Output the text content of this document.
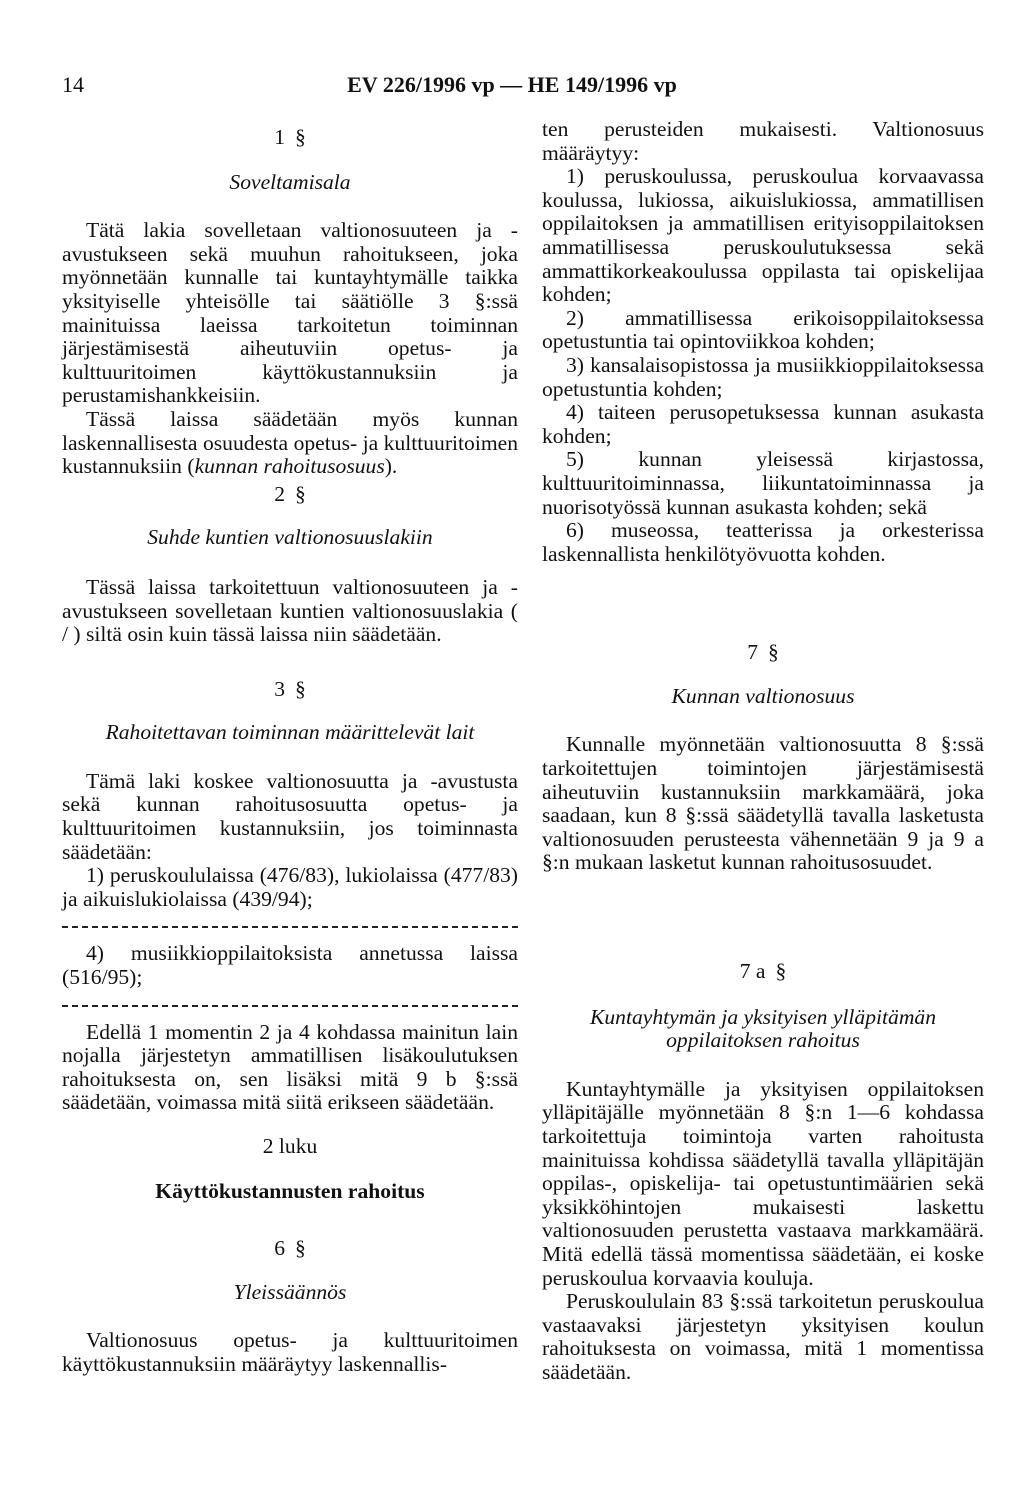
14	EV 226/1996 vp — HE 149/1996 vp
1 §
Soveltamisala

Tätä lakia sovelletaan valtionosuuteen ja -avustukseen sekä muuhun rahoitukseen, joka myönnetään kunnalle tai kuntayhtymälle taikka yksityiselle yhteisölle tai säätiölle 3 §:ssä mainituissa laeissa tarkoitetun toiminnan järjestämisestä aiheutuviin opetus- ja kulttuuritoimen käyttökustannuksiin ja perustamishankkeisiin.

Tässä laissa säädetään myös kunnan laskennallisesta osuudesta opetus- ja kulttuuritoimen kustannuksiin (kunnan rahoitusosuus).

2 §
Suhde kuntien valtionosuuslakiin

Tässä laissa tarkoitettuun valtionosuuteen ja -avustukseen sovelletaan kuntien valtionosuuslakia ( / ) siltä osin kuin tässä laissa niin säädetään.

3 §
Rahoitettavan toiminnan määrittelevät lait

Tämä laki koskee valtionosuutta ja -avustusta sekä kunnan rahoitusosuutta opetus- ja kulttuuritoimen kustannuksiin, jos toiminnasta säädetään:

1) peruskoululaissa (476/83), lukiolaissa (477/83) ja aikuislukiolaissa (439/94);

4) musiikkioppilaitoksista annetussa laissa (516/95);

Edellä 1 momentin 2 ja 4 kohdassa mainitun lain nojalla järjestetyn ammatillisen lisäkoulutuksen rahoituksesta on, sen lisäksi mitä 9 b §:ssä säädetään, voimassa mitä siitä erikseen säädetään.

2 luku
Käyttökustannusten rahoitus
6 §
Yleissäännös

Valtionosuus opetus- ja kulttuuritoimen käyttökustannuksiin määräytyy laskennallis-

ten perusteiden mukaisesti. Valtionosuus määräytyy:

1) peruskoulussa, peruskoulua korvaavassa koulussa, lukiossa, aikuislukiossa, ammatillisen oppilaitoksen ja ammatillisen erityisoppilaitoksen ammatillisessa peruskoulutuksessa sekä ammattikorkeakoulussa oppilasta tai opiskelijaa kohden;

2) ammatillisessa erikoisoppilaitoksessa opetustuntia tai opintoviikkoa kohden;

3) kansalaisopistossa ja musiikkioppilaitoksessa opetustuntia kohden;

4) taiteen perusopetuksessa kunnan asukasta kohden;

5) kunnan yleisessä kirjastossa, kulttuuritoiminnassa, liikuntatoiminnassa ja nuorisotyössä kunnan asukasta kohden; sekä

6) museossa, teatterissa ja orkesterissa laskennallista henkilötyövuotta kohden.

7 §
Kunnan valtionosuus

Kunnalle myönnetään valtionosuutta 8 §:ssä tarkoitettujen toimintojen järjestämisestä aiheutuviin kustannuksiin markkamäärä, joka saadaan, kun 8 §:ssä säädetyllä tavalla lasketusta valtionosuuden perusteesta vähennetään 9 ja 9 a §:n mukaan lasketut kunnan rahoitusosuudet.

7 a §
Kuntayhtymän ja yksityisen ylläpitämän oppilaitoksen rahoitus

Kuntayhtymälle ja yksityisen oppilaitoksen ylläpitäjälle myönnetään 8 §:n 1—6 kohdassa tarkoitettuja toimintoja varten rahoitusta mainituissa kohdissa säädetyllä tavalla ylläpitäjän oppilas-, opiskelija- tai opetustuntimäärien sekä yksikköhintojen mukaisesti laskettu valtionosuuden perustetta vastaava markkamäärä. Mitä edellä tässä momentissa säädetään, ei koske peruskoulua korvaavia kouluja.

Peruskoululain 83 §:ssä tarkoitetun peruskoulua vastaavaksi järjestetyn yksityisen koulun rahoituksesta on voimassa, mitä 1 momentissa säädetään.
